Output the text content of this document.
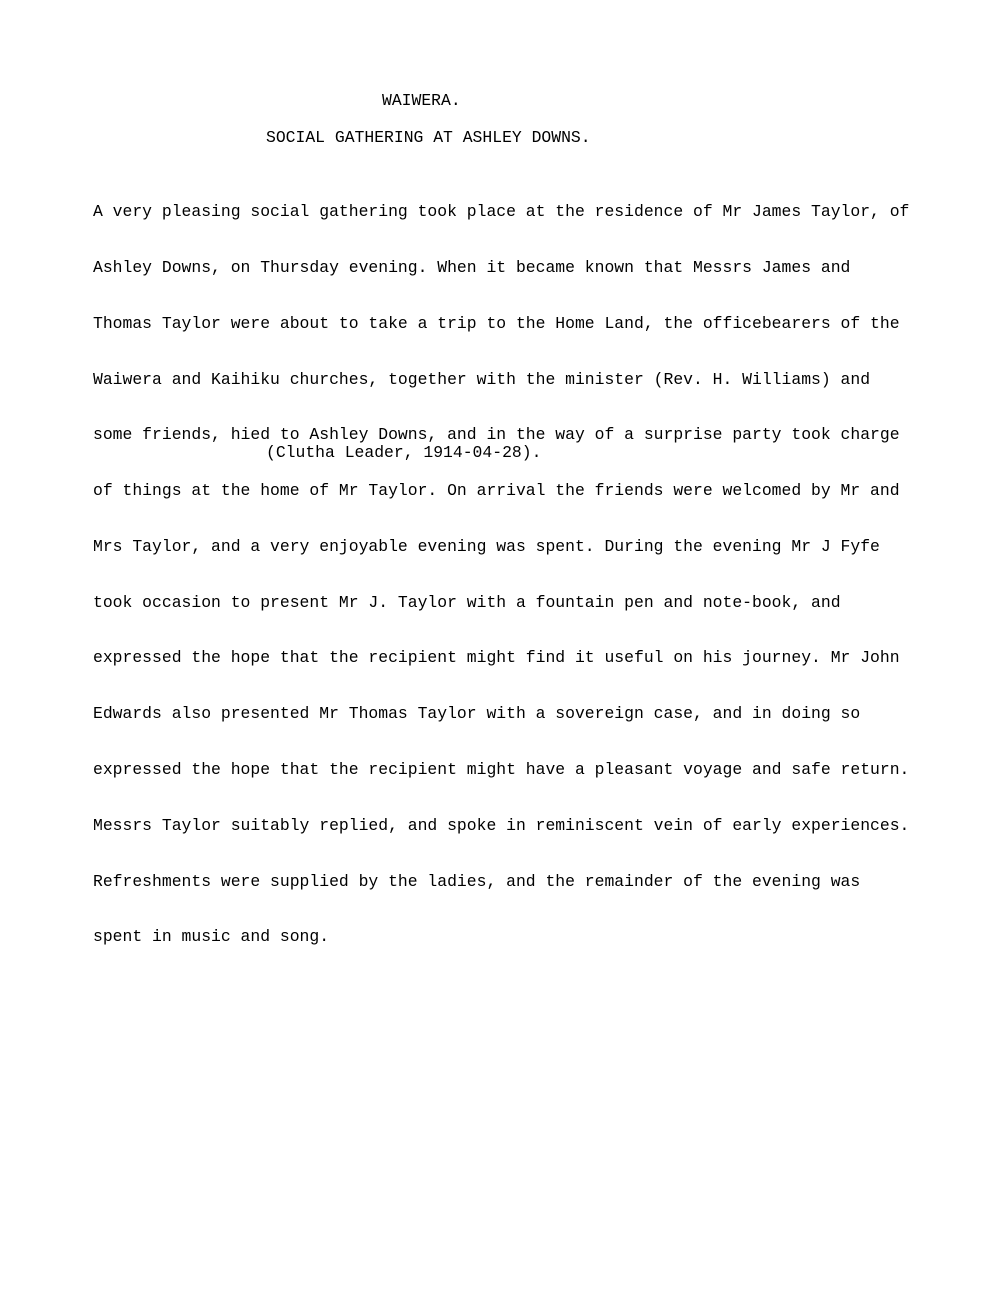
WAIWERA.
SOCIAL GATHERING AT ASHLEY DOWNS.

A very pleasing social gathering took place at the residence of Mr James Taylor, of

Ashley Downs, on Thursday evening. When it became known that Messrs James and

Thomas Taylor were about to take a trip to the Home Land, the officebearers of the

Waiwera and Kaihiku churches, together with the minister (Rev. H. Williams) and

some friends, hied to Ashley Downs, and in the way of a surprise party took charge

of things at the home of Mr Taylor. On arrival the friends were welcomed by Mr and

Mrs Taylor, and a very enjoyable evening was spent. During the evening Mr J Fyfe

took occasion to present Mr J. Taylor with a fountain pen and note-book, and

expressed the hope that the recipient might find it useful on his journey. Mr John

Edwards also presented Mr Thomas Taylor with a sovereign case, and in doing so

expressed the hope that the recipient might have a pleasant voyage and safe return.

Messrs Taylor suitably replied, and spoke in reminiscent vein of early experiences.

Refreshments were supplied by the ladies, and the remainder of the evening was

spent in music and song.

(Clutha Leader, 1914-04-28).
